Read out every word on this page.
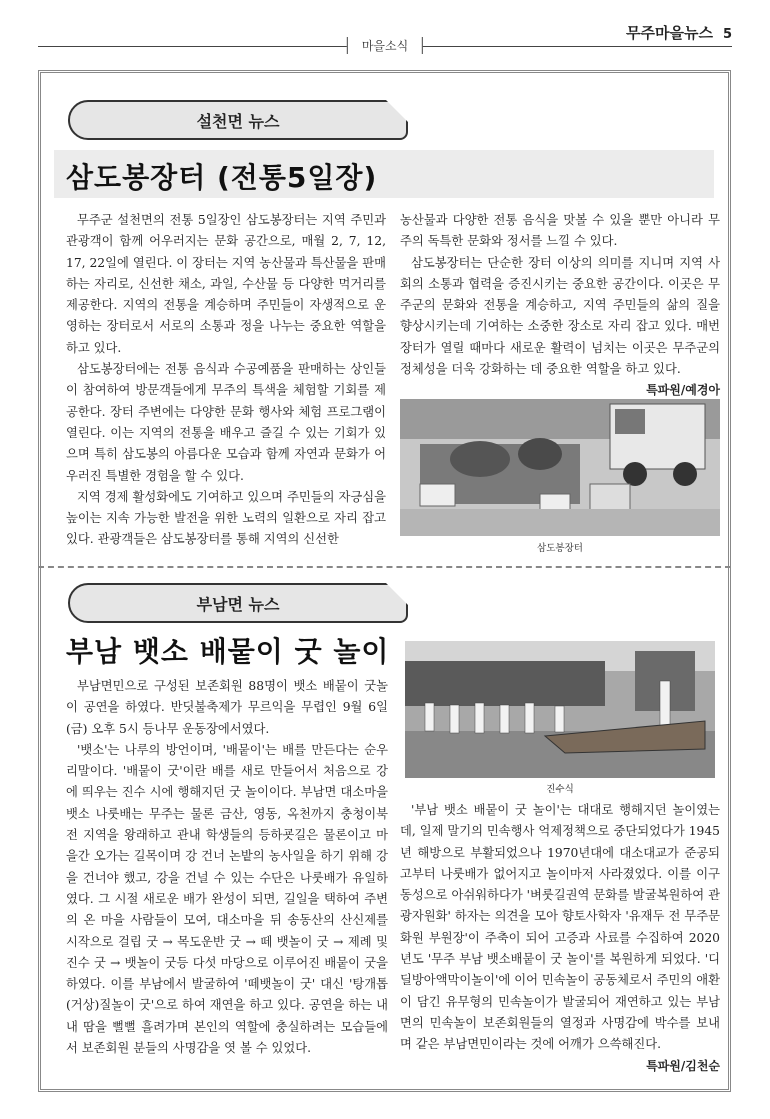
무주마을뉴스 5
마을소식
설천면 뉴스
삼도봉장터 (전통5일장)

무주군 설천면의 전통 5일장인 삼도봉장터는 지역 주민과 관광객이 함께 어우러지는 문화 공간으로, 매월 2, 7, 12, 17, 22일에 열린다. 이 장터는 지역 농산물과 특산물을 판매하는 자리로, 신선한 채소, 과일, 수산물 등 다양한 먹거리를 제공한다. 지역의 전통을 계승하며 주민들이 자생적으로 운영하는 장터로서 서로의 소통과 정을 나누는 중요한 역할을 하고 있다.

삼도봉장터에는 전통 음식과 수공예품을 판매하는 상인들이 참여하여 방문객들에게 무주의 특색을 체험할 기회를 제공한다. 장터 주변에는 다양한 문화 행사와 체험 프로그램이 열린다. 이는 지역의 전통을 배우고 즐길 수 있는 기회가 있으며 특히 삼도봉의 아름다운 모습과 함께 자연과 문화가 어우러진 특별한 경험을 할 수 있다.

지역 경제 활성화에도 기여하고 있으며 주민들의 자긍심을 높이는 지속 가능한 발전을 위한 노력의 일환으로 자리 잡고 있다. 관광객들은 삼도봉장터를 통해 지역의 신선한

농산물과 다양한 전통 음식을 맛볼 수 있을 뿐만 아니라 무주의 독특한 문화와 정서를 느낄 수 있다.

삼도봉장터는 단순한 장터 이상의 의미를 지니며 지역 사회의 소통과 협력을 증진시키는 중요한 공간이다. 이곳은 무주군의 문화와 전통을 계승하고, 지역 주민들의 삶의 질을 향상시키는데 기여하는 소중한 장소로 자리 잡고 있다. 매번 장터가 열릴 때마다 새로운 활력이 넘치는 이곳은 무주군의 정체성을 더욱 강화하는 데 중요한 역할을 하고 있다.

특파원/예경아
삼도봉장터
부남면 뉴스
부남 뱃소 배뭍이 굿 놀이

부남면민으로 구성된 보존회원 88명이 뱃소 배뭍이 굿놀이 공연을 하였다. 반딧불축제가 무르익을 무렵인 9월 6일(금) 오후 5시 등나무 운동장에서였다.

'뱃소'는 나루의 방언이며, '배뭍이'는 배를 만든다는 순우리말이다. '배뭍이 굿'이란 배를 새로 만들어서 처음으로 강에 띄우는 진수 시에 행해지던 굿 놀이이다. 부남면 대소마을 뱃소 나룻배는 무주는 물론 금산, 영동, 옥천까지 충청이북 전 지역을 왕래하고 관내 학생들의 등하굣길은 물론이고 마을간 오가는 길목이며 강 건너 논밭의 농사일을 하기 위해 강을 건너야 했고, 강을 건널 수 있는 수단은 나룻배가 유일하였다. 그 시절 새로운 배가 완성이 되면, 길일을 택하여 주변의 온 마을 사람들이 모여, 대소마을 뒤 송동산의 산신제를 시작으로 걸립 굿 → 목도운반 굿 → 떼 뱃놀이 굿 → 제례 및 진수 굿 → 뱃놀이 굿등 다섯 마당으로 이루어진 배뭍이 굿을 하였다. 이를 부남에서 발굴하여 '떼뱃놀이 굿' 대신 '탕개톱(거상)질놀이 굿'으로 하여 재연을 하고 있다. 공연을 하는 내내 땀을 뻘뻘 흘려가며 본인의 역할에 충실하려는 모습들에서 보존회원 분들의 사명감을 엿 볼 수 있었다.

진수식

'부남 뱃소 배뭍이 굿 놀이'는 대대로 행해지던 놀이였는데, 일제 말기의 민속행사 억제정책으로 중단되었다가 1945년 해방으로 부활되었으나 1970년대에 대소대교가 준공되고부터 나룻배가 없어지고 놀이마저 사라졌었다. 이를 이구동성으로 아쉬워하다가 '벼룻길권역 문화를 발굴복원하여 관광자원화' 하자는 의견을 모아 향토사학자 '유재두 전 무주문화원 부원장'이 주축이 되어 고증과 사료를 수집하여 2020년도 '무주 부남 뱃소배뭍이 굿 놀이'를 복원하게 되었다. '디딜방아액막이놀이'에 이어 민속놀이 공동체로서 주민의 애환이 담긴 유무형의 민속놀이가 발굴되어 재연하고 있는 부남면의 민속놀이 보존회원들의 열정과 사명감에 박수를 보내며 같은 부남면민이라는 것에 어깨가 으쓱해진다.

특파원/김천순
